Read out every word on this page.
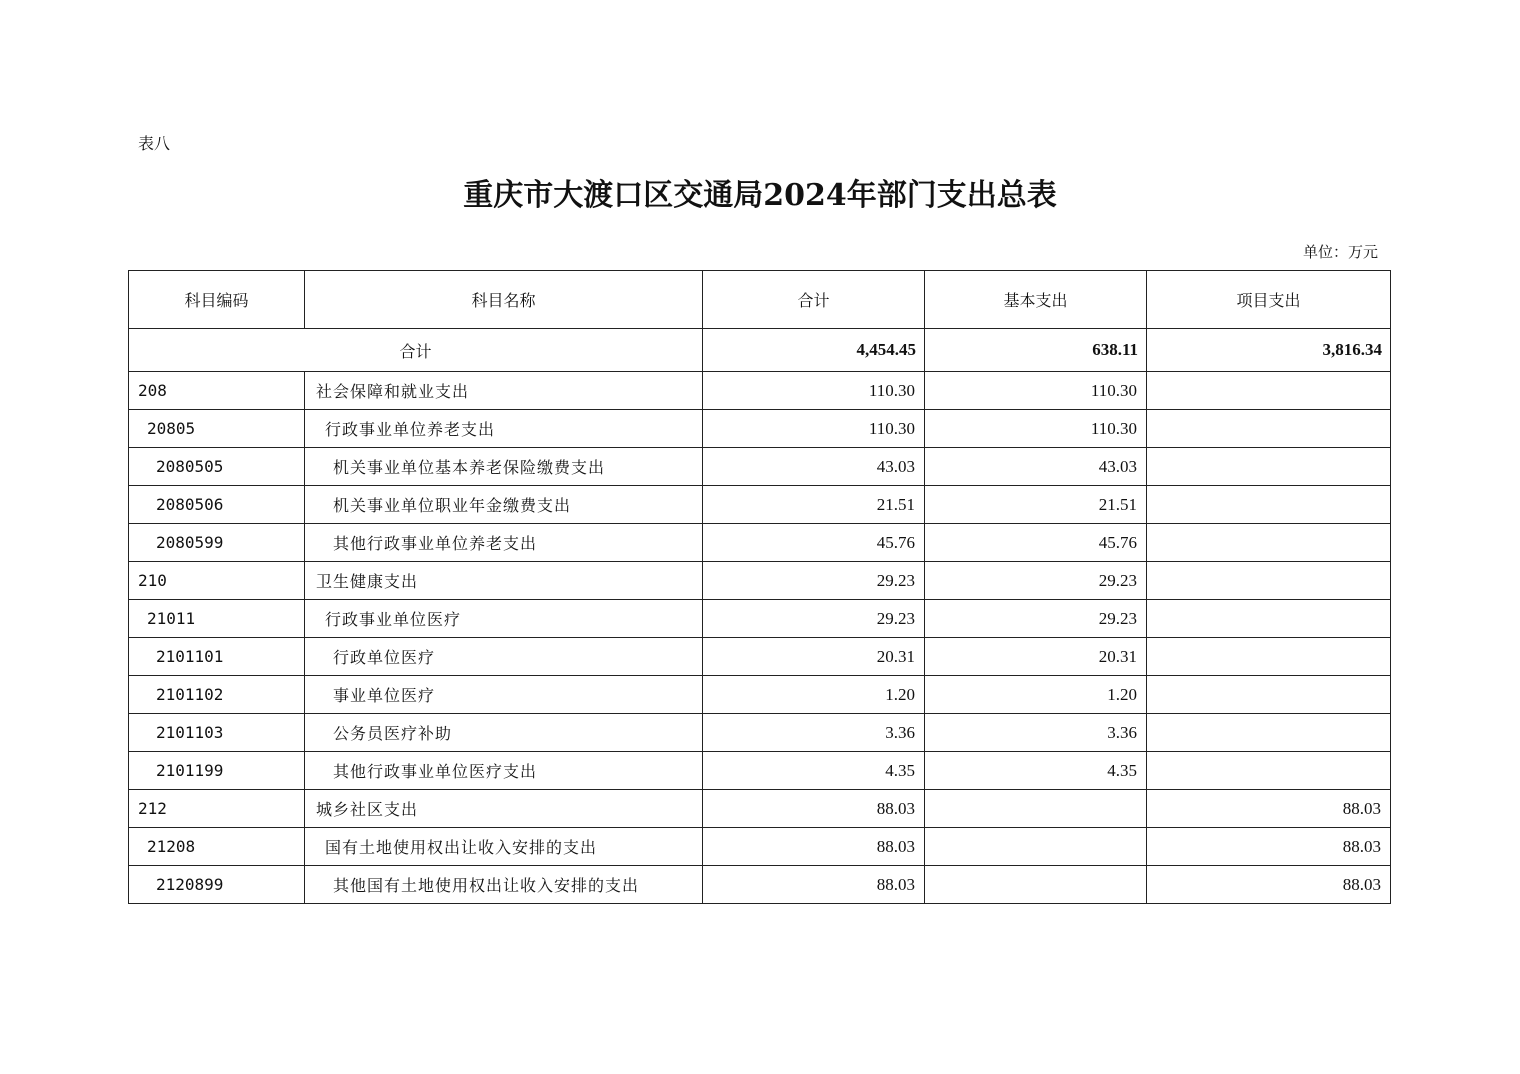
表八
重庆市大渡口区交通局2024年部门支出总表
单位：万元
科目编码	科目名称	合计	基本支出	项目支出
合计		4,454.45	638.11	3,816.34
208	社会保障和就业支出	110.30	110.30	
20805	行政事业单位养老支出	110.30	110.30	
2080505	机关事业单位基本养老保险缴费支出	43.03	43.03	
2080506	机关事业单位职业年金缴费支出	21.51	21.51	
2080599	其他行政事业单位养老支出	45.76	45.76	
210	卫生健康支出	29.23	29.23	
21011	行政事业单位医疗	29.23	29.23	
2101101	行政单位医疗	20.31	20.31	
2101102	事业单位医疗	1.20	1.20	
2101103	公务员医疗补助	3.36	3.36	
2101199	其他行政事业单位医疗支出	4.35	4.35	
212	城乡社区支出	88.03		88.03
21208	国有土地使用权出让收入安排的支出	88.03		88.03
2120899	其他国有土地使用权出让收入安排的支出	88.03		88.03
